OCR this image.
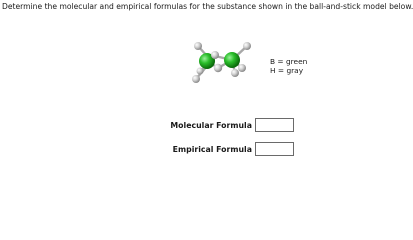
Determine the molecular and empirical formulas for the substance shown in the ball-and-stick model below.
B = green
H = gray
Molecular Formula
Empirical Formula
